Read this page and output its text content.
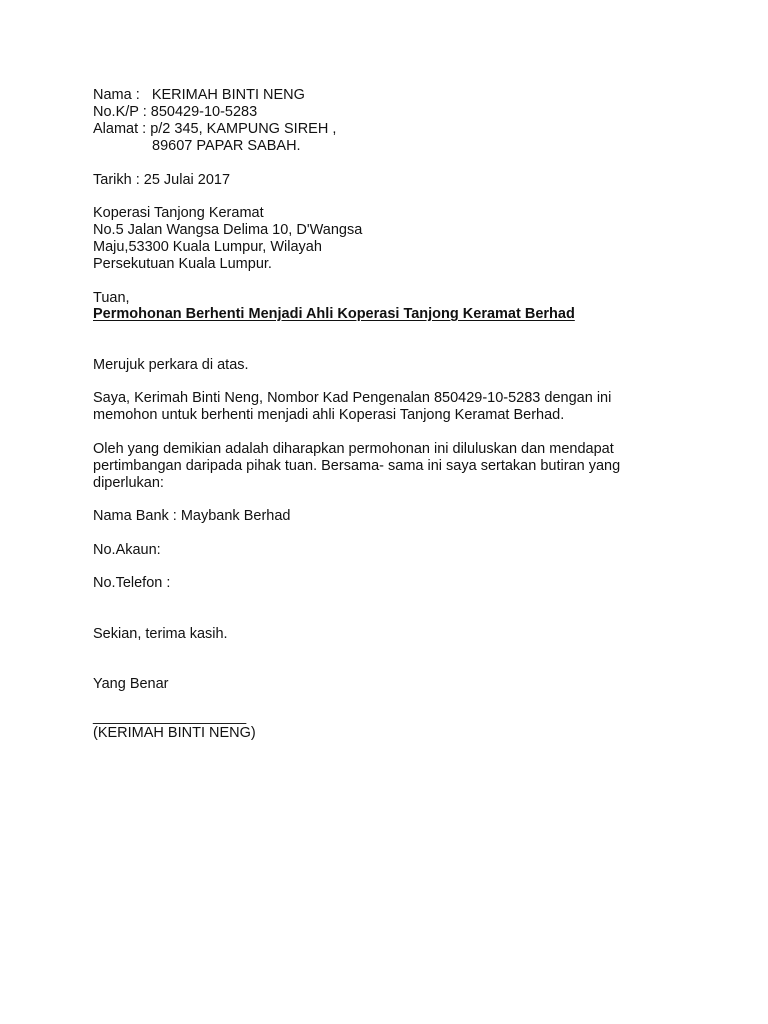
Nama :   KERIMAH BINTI NENG

No.K/P : 850429-10-5283

Alamat : p/2 345, KAMPUNG SIREH ,

89607 PAPAR SABAH.

Tarikh : 25 Julai 2017

Koperasi Tanjong Keramat

No.5 Jalan Wangsa Delima 10, D'Wangsa

Maju,53300 Kuala Lumpur, Wilayah

Persekutuan Kuala Lumpur.

Tuan,

Permohonan Berhenti Menjadi Ahli Koperasi Tanjong Keramat Berhad

Merujuk perkara di atas.

Saya, Kerimah Binti Neng, Nombor Kad Pengenalan 850429-10-5283 dengan ini

memohon untuk berhenti menjadi ahli Koperasi Tanjong Keramat Berhad.

Oleh yang demikian adalah diharapkan permohonan ini diluluskan dan mendapat

pertimbangan daripada pihak tuan. Bersama- sama ini saya sertakan butiran yang

diperlukan:

Nama Bank : Maybank Berhad

No.Akaun:

No.Telefon :

Sekian, terima kasih.

Yang Benar

___________________

(KERIMAH BINTI NENG)
